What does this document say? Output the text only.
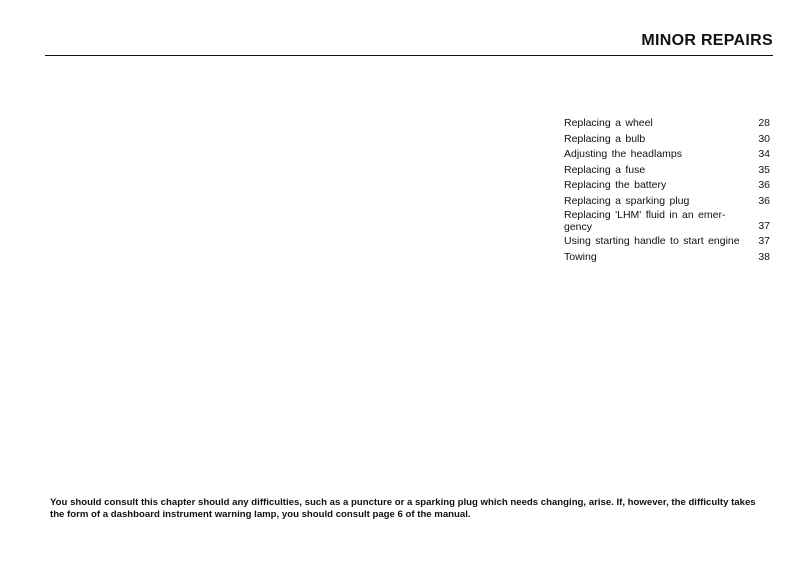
MINOR REPAIRS
Replacing a wheel	28
Replacing a bulb	30
Adjusting the headlamps	34
Replacing a fuse	35
Replacing the battery	36
Replacing a sparking plug	36
Replacing 'LHM' fluid in an emer-
gency	37
Using starting handle to start engine	37
Towing	38
You should consult this chapter should any difficulties, such as a puncture or a sparking plug which needs changing, arise. If, however, the difficulty takes the form of a dashboard instrument warning lamp, you should consult page 6 of the manual.
